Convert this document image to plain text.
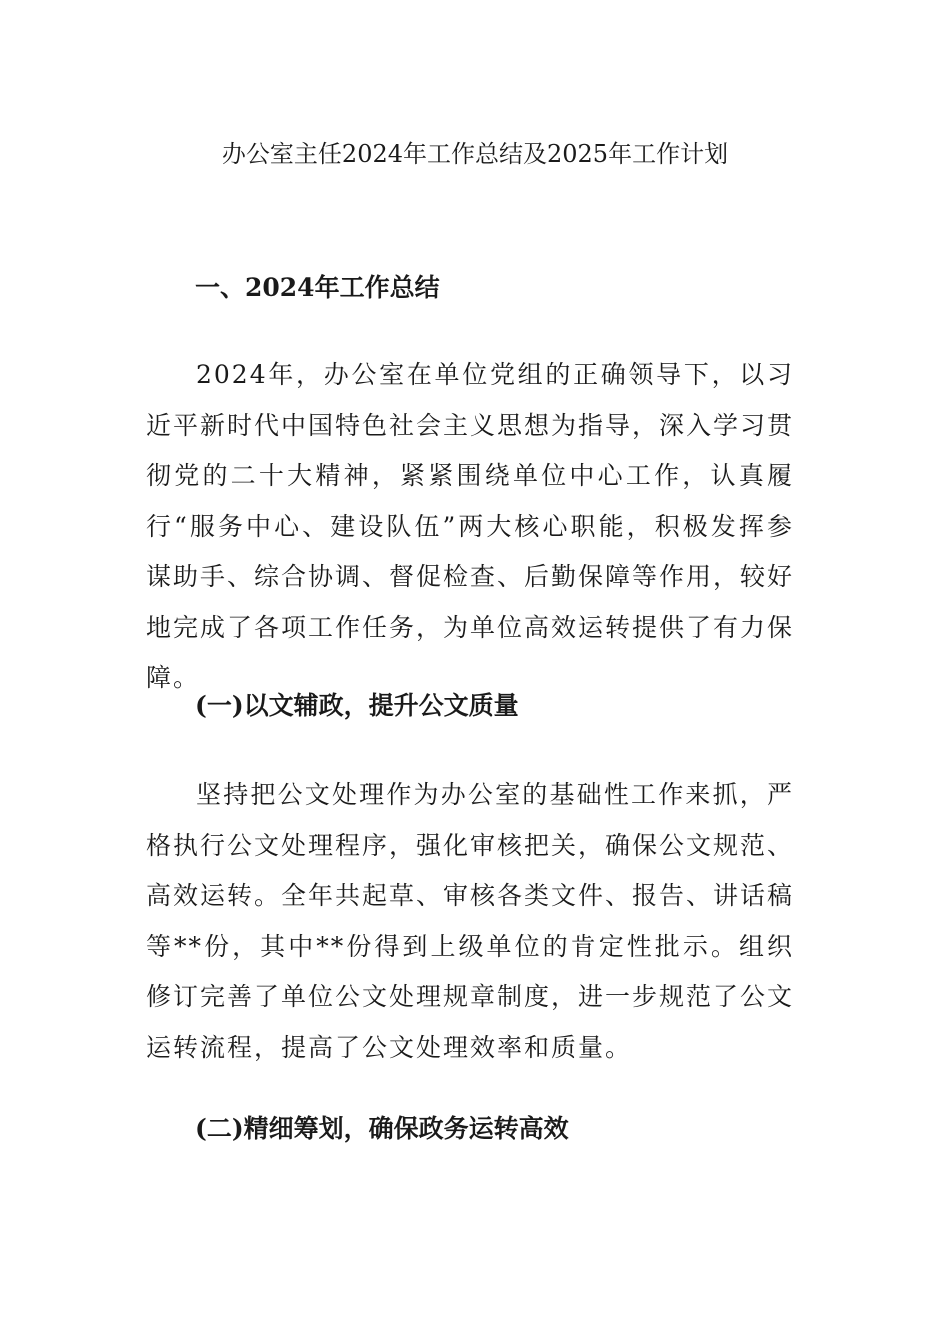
办公室主任2024年工作总结及2025年工作计划
一、2024年工作总结

2024年，办公室在单位党组的正确领导下，以习近平新时代中国特色社会主义思想为指导，深入学习贯彻党的二十大精神，紧紧围绕单位中心工作，认真履行“服务中心、建设队伍”两大核心职能，积极发挥参谋助手、综合协调、督促检查、后勤保障等作用，较好地完成了各项工作任务，为单位高效运转提供了有力保障。

(一)以文辅政，提升公文质量

坚持把公文处理作为办公室的基础性工作来抓，严格执行公文处理程序，强化审核把关，确保公文规范、高效运转。全年共起草、审核各类文件、报告、讲话稿等**份，其中**份得到上级单位的肯定性批示。组织修订完善了单位公文处理规章制度，进一步规范了公文运转流程，提高了公文处理效率和质量。

(二)精细筹划，确保政务运转高效
